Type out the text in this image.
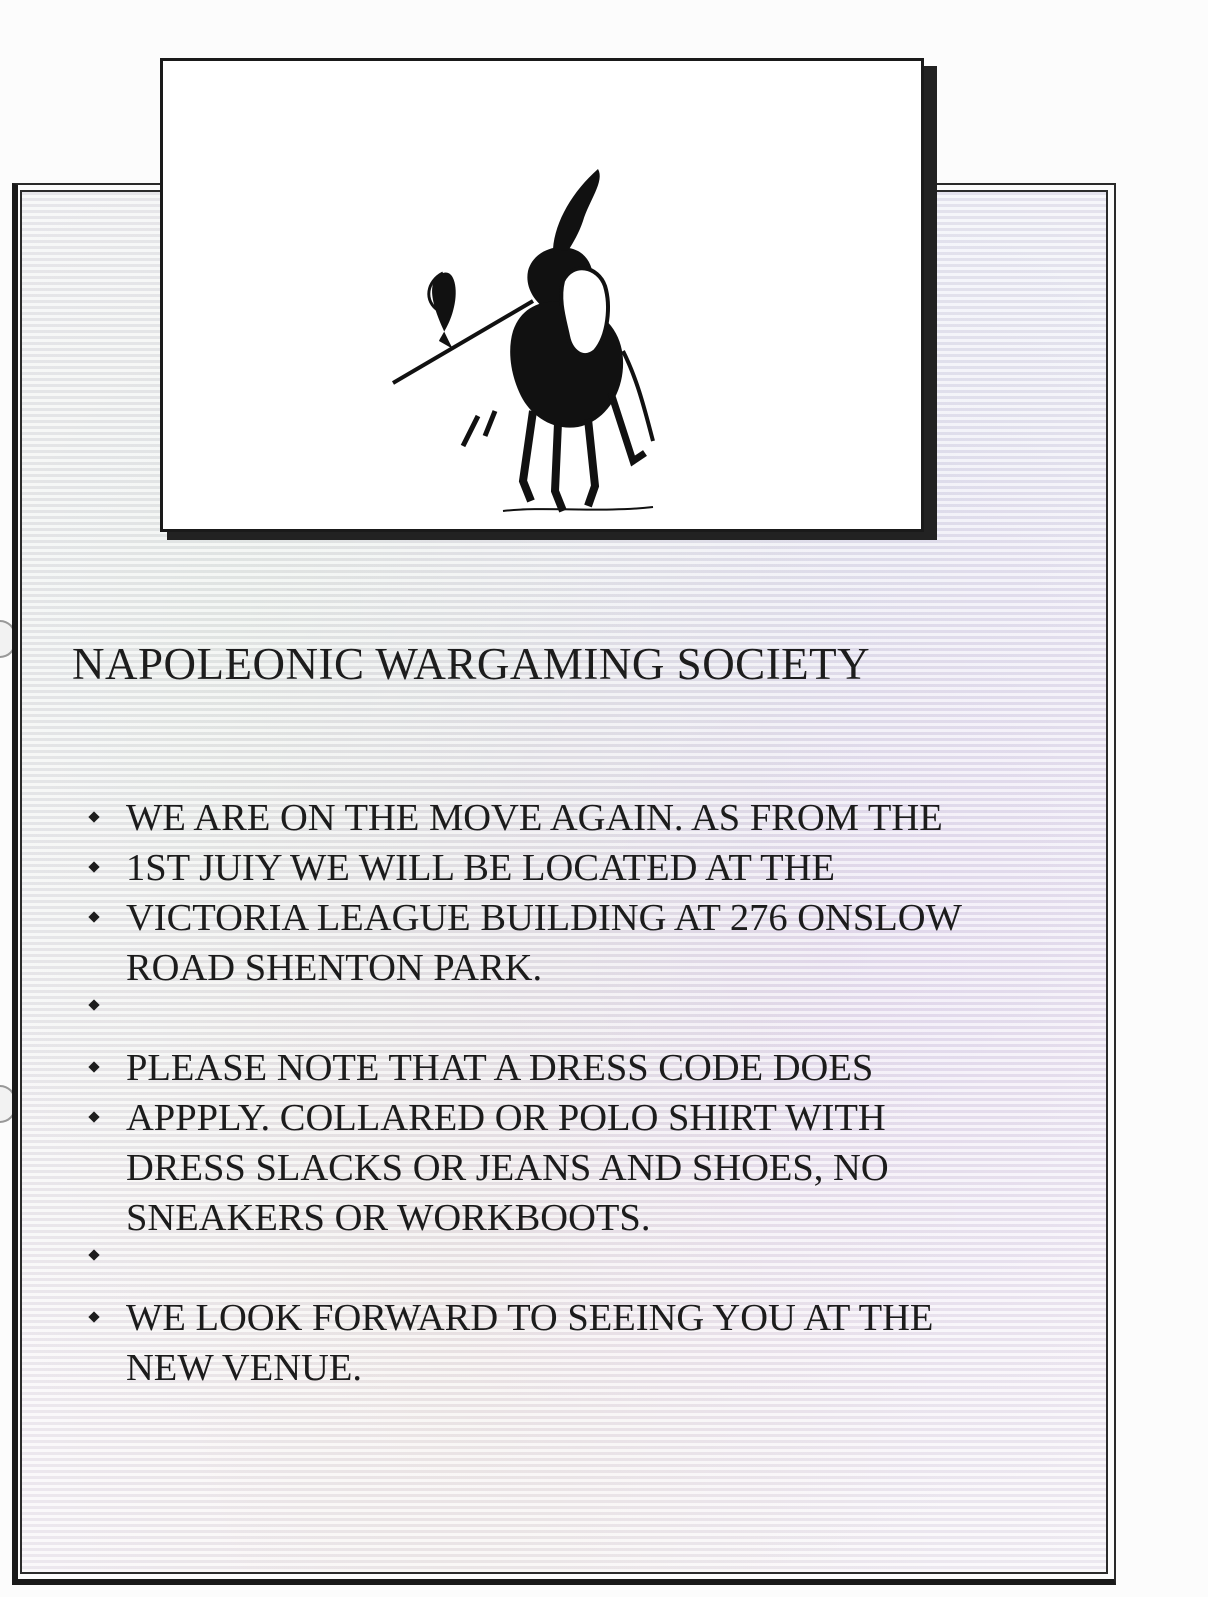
NAPOLEONIC WARGAMING SOCIETY
WE ARE ON THE MOVE AGAIN. AS FROM THE
1ST JUIY WE WILL BE LOCATED AT THE
VICTORIA LEAGUE BUILDING AT 276 ONSLOW
ROAD SHENTON PARK.
PLEASE NOTE THAT A DRESS CODE DOES
APPPLY. COLLARED OR POLO SHIRT WITH
DRESS SLACKS OR JEANS AND SHOES, NO
SNEAKERS OR WORKBOOTS.
WE LOOK FORWARD TO SEEING YOU AT THE
NEW VENUE.
